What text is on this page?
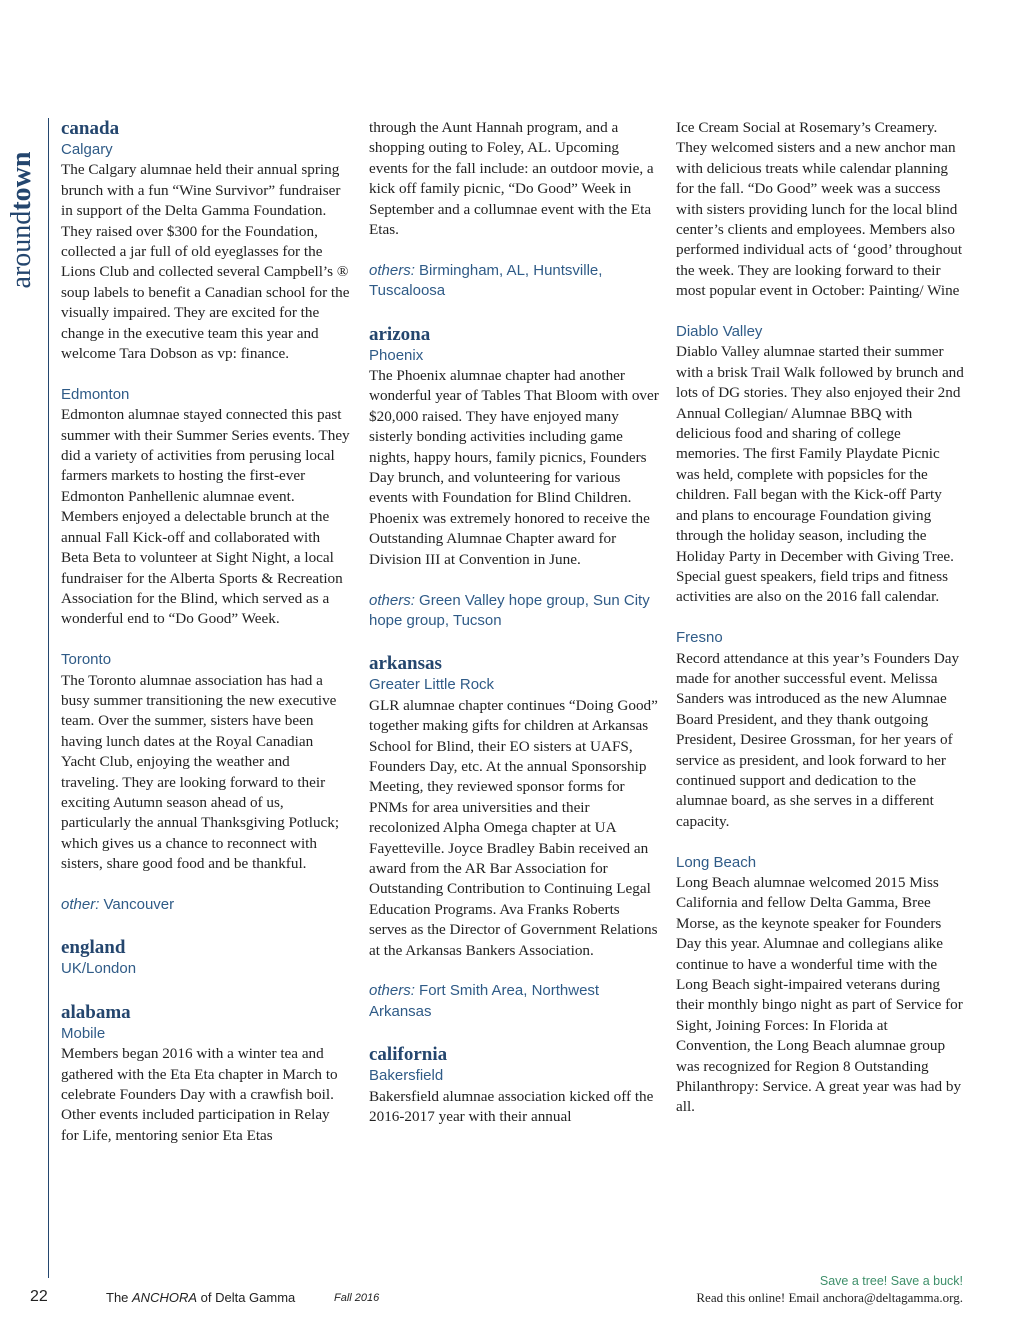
aroundtown

canada

Calgary

The Calgary alumnae held their annual spring brunch with a fun “Wine Survivor” fundraiser in support of the Delta Gamma Foundation. They raised over $300 for the Foundation, collected a jar full of old eyeglasses for the Lions Club and collected several Campbell’s ® soup labels to benefit a Canadian school for the visually impaired. They are excited for the change in the executive team this year and welcome Tara Dobson as vp: finance.

Edmonton

Edmonton alumnae stayed connected this past summer with their Summer Series events. They did a variety of activities from perusing local farmers markets to hosting the first-ever Edmonton Panhellenic alumnae event. Members enjoyed a delectable brunch at the annual Fall Kick-off and collaborated with Beta Beta to volunteer at Sight Night, a local fundraiser for the Alberta Sports & Recreation Association for the Blind, which served as a wonderful end to “Do Good” Week.

Toronto

The Toronto alumnae association has had a busy summer transitioning the new executive team. Over the summer, sisters have been having lunch dates at the Royal Canadian Yacht Club, enjoying the weather and traveling. They are looking forward to their exciting Autumn season ahead of us, particularly the annual Thanksgiving Potluck; which gives us a chance to reconnect with sisters, share good food and be thankful.

other: Vancouver

england

UK/London

alabama

Mobile

Members began 2016 with a winter tea and gathered with the Eta Eta chapter in March to celebrate Founders Day with a crawfish boil. Other events included participation in Relay for Life, mentoring senior Eta Etas

through the Aunt Hannah program, and a shopping outing to Foley, AL. Upcoming events for the fall include: an outdoor movie, a kick off family picnic, “Do Good” Week in September and a collumnae event with the Eta Etas.

others: Birmingham, AL, Huntsville, Tuscaloosa

arizona

Phoenix

The Phoenix alumnae chapter had another wonderful year of Tables That Bloom with over $20,000 raised. They have enjoyed many sisterly bonding activities including game nights, happy hours, family picnics, Founders Day brunch, and volunteering for various events with Foundation for Blind Children. Phoenix was extremely honored to receive the Outstanding Alumnae Chapter award for Division III at Convention in June.

others: Green Valley hope group, Sun City hope group, Tucson

arkansas

Greater Little Rock

GLR alumnae chapter continues “Doing Good” together making gifts for children at Arkansas School for Blind, their EO sisters at UAFS, Founders Day, etc. At the annual Sponsorship Meeting, they reviewed sponsor forms for PNMs for area universities and their recolonized Alpha Omega chapter at UA Fayetteville. Joyce Bradley Babin received an award from the AR Bar Association for Outstanding Contribution to Continuing Legal Education Programs. Ava Franks Roberts serves as the Director of Government Relations at the Arkansas Bankers Association.

others: Fort Smith Area, Northwest Arkansas

california

Bakersfield

Bakersfield alumnae association kicked off the 2016-2017 year with their annual

Ice Cream Social at Rosemary’s Creamery. They welcomed sisters and a new anchor man with delicious treats while calendar planning for the fall. “Do Good” week was a success with sisters providing lunch for the local blind center’s clients and employees. Members also performed individual acts of ‘good’ throughout the week. They are looking forward to their most popular event in October: Painting/ Wine

Diablo Valley

Diablo Valley alumnae started their summer with a brisk Trail Walk followed by brunch and lots of DG stories. They also enjoyed their 2nd Annual Collegian/ Alumnae BBQ with delicious food and sharing of college memories. The first Family Playdate Picnic was held, complete with popsicles for the children. Fall began with the Kick-off Party and plans to encourage Foundation giving through the holiday season, including the Holiday Party in December with Giving Tree. Special guest speakers, field trips and fitness activities are also on the 2016 fall calendar.

Fresno

Record attendance at this year’s Founders Day made for another successful event. Melissa Sanders was introduced as the new Alumnae Board President, and they thank outgoing President, Desiree Grossman, for her years of service as president, and look forward to her continued support and dedication to the alumnae board, as she serves in a different capacity.

Long Beach

Long Beach alumnae welcomed 2015 Miss California and fellow Delta Gamma, Bree Morse, as the keynote speaker for Founders Day this year. Alumnae and collegians alike continue to have a wonderful time with the Long Beach sight-impaired veterans during their monthly bingo night as part of Service for Sight, Joining Forces: In Florida at Convention, the Long Beach alumnae group was recognized for Region 8 Outstanding Philanthropy: Service. A great year was had by all.

22	The ANCHORA of Delta Gamma	Fall 2016
Save a tree! Save a buck!
Read this online! Email anchora@deltagamma.org.
